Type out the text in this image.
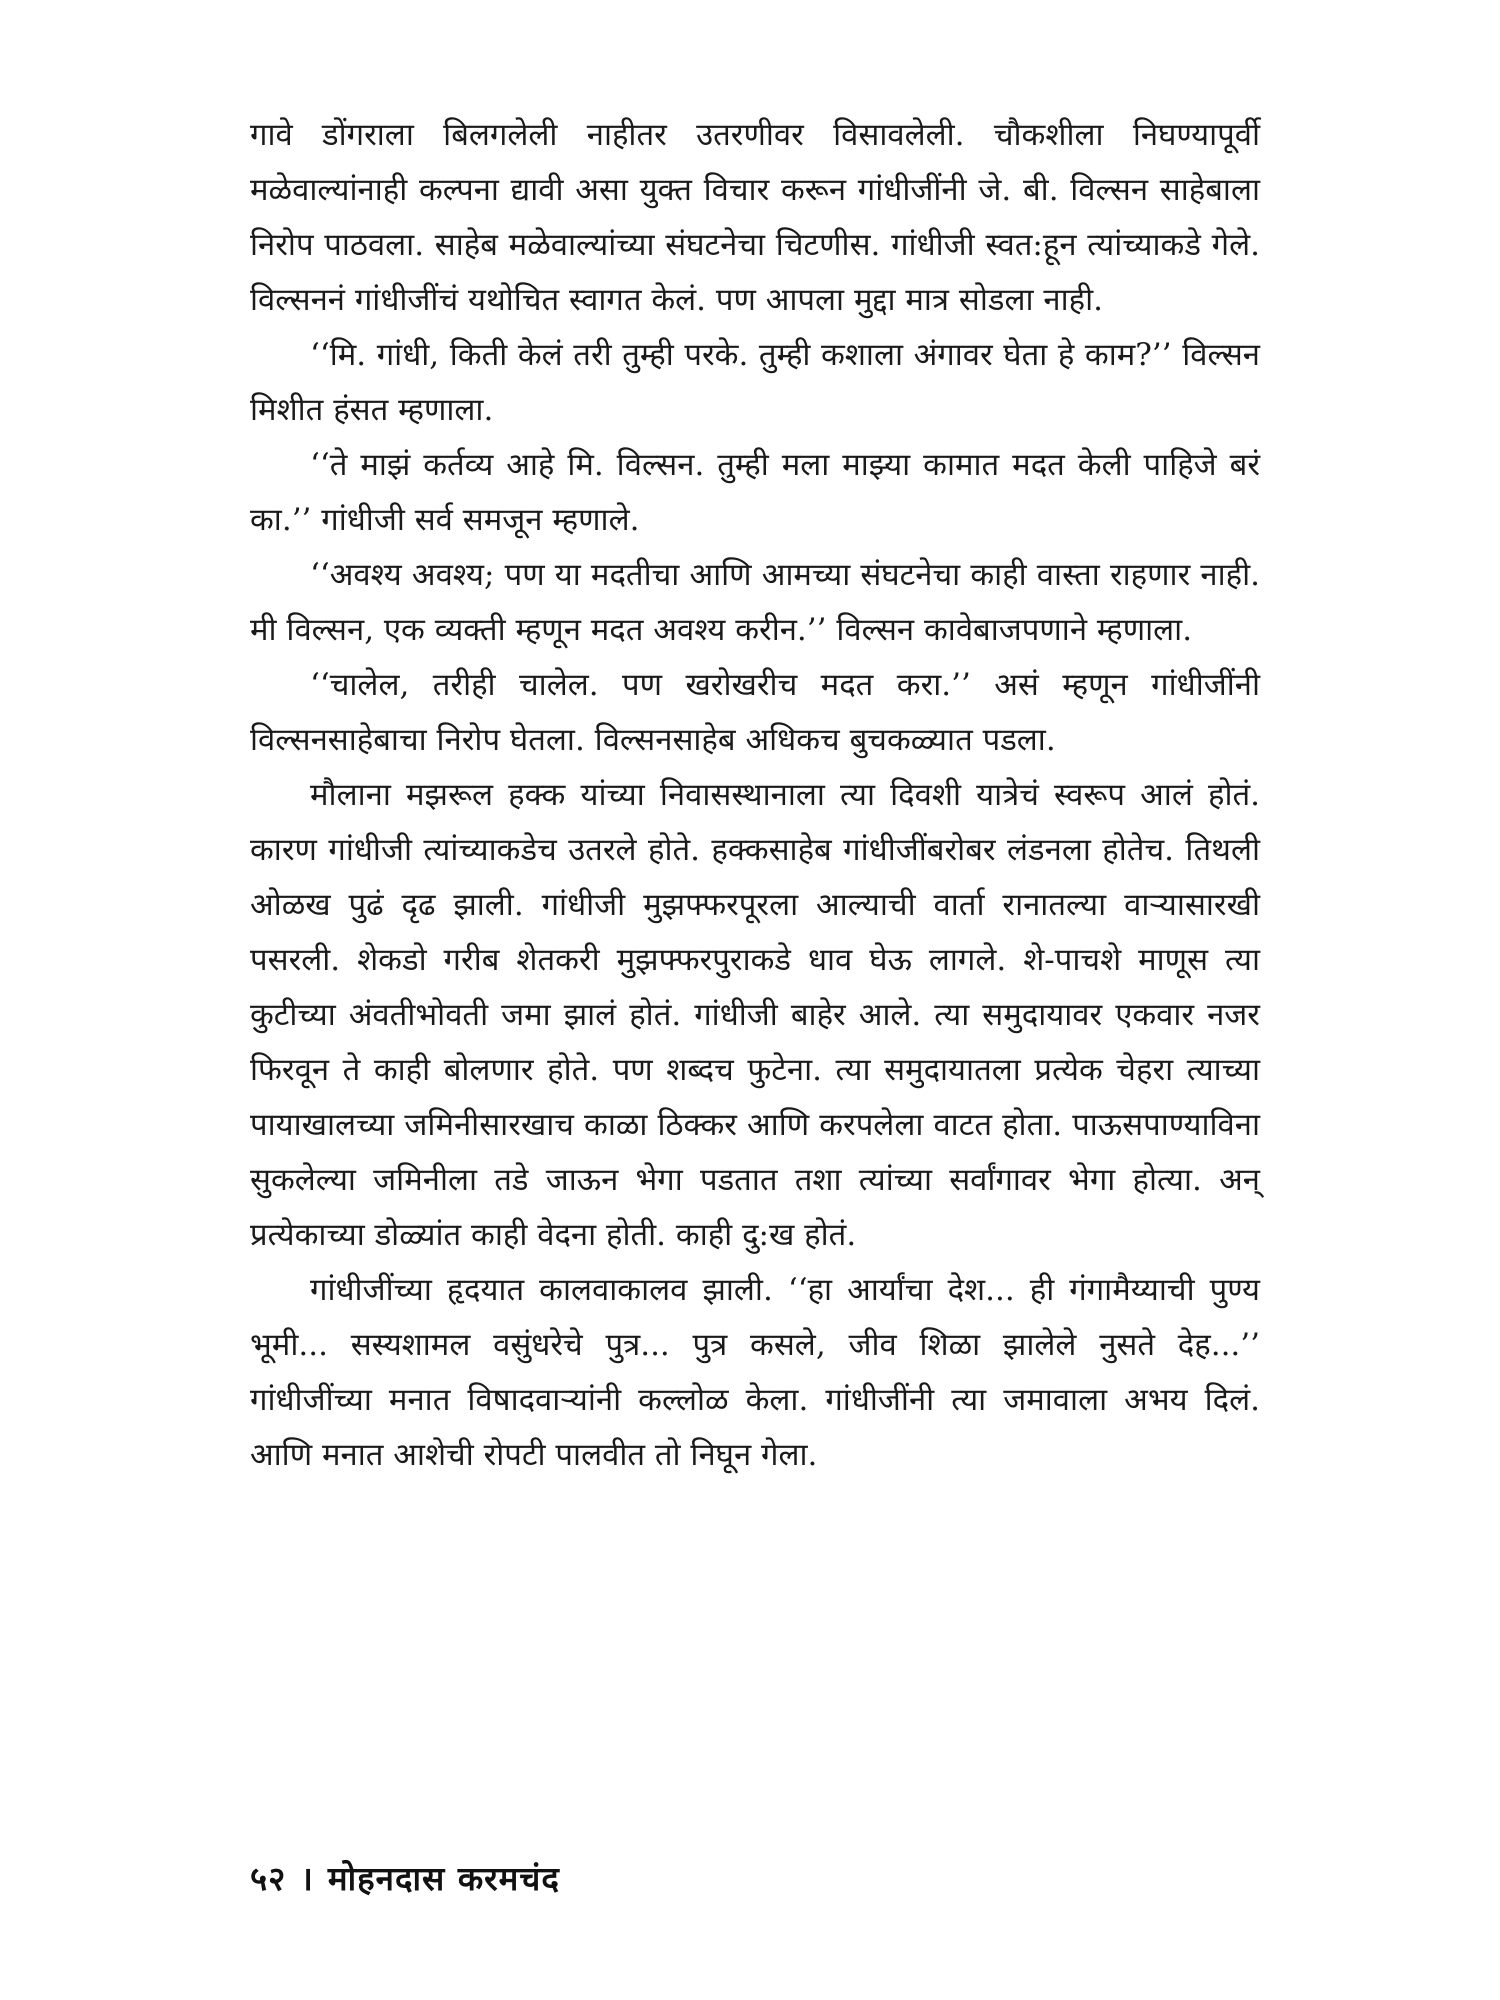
गावे डोंगराला बिलगलेली नाहीतर उतरणीवर विसावलेली. चौकशीला निघण्यापूर्वी मळेवाल्यांनाही कल्पना द्यावी असा युक्त विचार करून गांधीजींनी जे. बी. विल्सन साहेबाला निरोप पाठवला. साहेब मळेवाल्यांच्या संघटनेचा चिटणीस. गांधीजी स्वत:हून त्यांच्याकडे गेले. विल्सननं गांधीजींचं यथोचित स्वागत केलं. पण आपला मुद्दा मात्र सोडला नाही.

‘‘मि. गांधी, किती केलं तरी तुम्ही परके. तुम्ही कशाला अंगावर घेता हे काम?’’ विल्सन मिशीत हंसत म्हणाला.

‘‘ते माझं कर्तव्य आहे मि. विल्सन. तुम्ही मला माझ्या कामात मदत केली पाहिजे बरं का.’’ गांधीजी सर्व समजून म्हणाले.

‘‘अवश्य अवश्य; पण या मदतीचा आणि आमच्या संघटनेचा काही वास्ता राहणार नाही. मी विल्सन, एक व्यक्ती म्हणून मदत अवश्य करीन.’’ विल्सन कावेबाजपणाने म्हणाला.

‘‘चालेल, तरीही चालेल. पण खरोखरीच मदत करा.’’ असं म्हणून गांधीजींनी विल्सनसाहेबाचा निरोप घेतला. विल्सनसाहेब अधिकच बुचकळ्यात पडला.

मौलाना मझरूल हक्क यांच्या निवासस्थानाला त्या दिवशी यात्रेचं स्वरूप आलं होतं. कारण गांधीजी त्यांच्याकडेच उतरले होते. हक्कसाहेब गांधीजींबरोबर लंडनला होतेच. तिथली ओळख पुढं दृढ झाली. गांधीजी मुझफ्फरपूरला आल्याची वार्ता रानातल्या वाऱ्यासारखी पसरली. शेकडो गरीब शेतकरी मुझफ्फरपुराकडे धाव घेऊ लागले. शे-पाचशे माणूस त्या कुटीच्या अंवतीभोवती जमा झालं होतं. गांधीजी बाहेर आले. त्या समुदायावर एकवार नजर फिरवून ते काही बोलणार होते. पण शब्दच फुटेना. त्या समुदायातला प्रत्येक चेहरा त्याच्या पायाखालच्या जमिनीसारखाच काळा ठिक्कर आणि करपलेला वाटत होता. पाऊसपाण्याविना सुकलेल्या जमिनीला तडे जाऊन भेगा पडतात तशा त्यांच्या सर्वांगावर भेगा होत्या. अन् प्रत्येकाच्या डोळ्यांत काही वेदना होती. काही दु:ख होतं.

गांधीजींच्या हृदयात कालवाकालव झाली. ‘‘हा आर्यांचा देश... ही गंगामैय्याची पुण्य भूमी... सस्यशामल वसुंधरेचे पुत्र... पुत्र कसले, जीव शिळा झालेले नुसते देह...’’ गांधीजींच्या मनात विषादवाऱ्यांनी कल्लोळ केला. गांधीजींनी त्या जमावाला अभय दिलं. आणि मनात आशेची रोपटी पालवीत तो निघून गेला.

५२ । मोहनदास करमचंद
